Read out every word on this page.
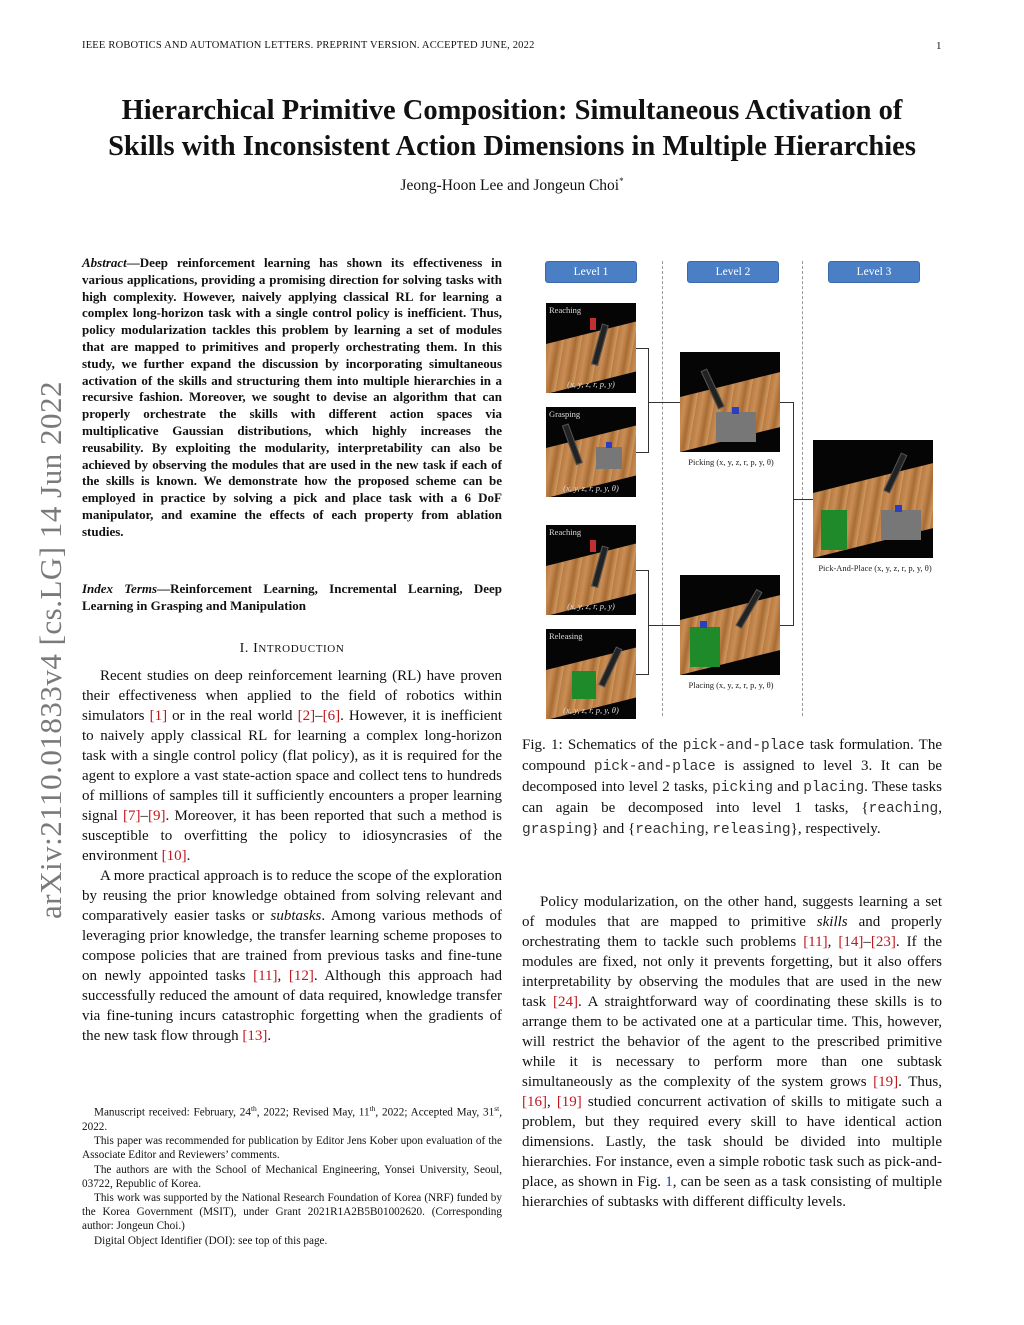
IEEE ROBOTICS AND AUTOMATION LETTERS. PREPRINT VERSION. ACCEPTED JUNE, 2022	1
arXiv:2110.01833v4 [cs.LG] 14 Jun 2022
Hierarchical Primitive Composition: Simultaneous Activation of
Skills with Inconsistent Action Dimensions in Multiple Hierarchies
Jeong-Hoon Lee and Jongeun Choi*
Abstract—Deep reinforcement learning has shown its effectiveness in various applications, providing a promising direction for solving tasks with high complexity. However, naively applying classical RL for learning a complex long-horizon task with a single control policy is inefficient. Thus, policy modularization tackles this problem by learning a set of modules that are mapped to primitives and properly orchestrating them. In this study, we further expand the discussion by incorporating simultaneous activation of the skills and structuring them into multiple hierarchies in a recursive fashion. Moreover, we sought to devise an algorithm that can properly orchestrate the skills with different action spaces via multiplicative Gaussian distributions, which highly increases the reusability. By exploiting the modularity, interpretability can also be achieved by observing the modules that are used in the new task if each of the skills is known. We demonstrate how the proposed scheme can be employed in practice by solving a pick and place task with a 6 DoF manipulator, and examine the effects of each property from ablation studies.
Index Terms—Reinforcement Learning, Incremental Learning, Deep Learning in Grasping and Manipulation
I. INTRODUCTION

Recent studies on deep reinforcement learning (RL) have proven their effectiveness when applied to the field of robotics within simulators [1] or in the real world [2]–[6]. However, it is inefficient to naively apply classical RL for learning a complex long-horizon task with a single control policy (flat policy), as it is required for the agent to explore a vast state-action space and collect tens to hundreds of millions of samples till it sufficiently encounters a proper learning signal [7]–[9]. Moreover, it has been reported that such a method is susceptible to overfitting the policy to idiosyncrasies of the environment [10].

A more practical approach is to reduce the scope of the exploration by reusing the prior knowledge obtained from solving relevant and comparatively easier tasks or subtasks. Among various methods of leveraging prior knowledge, the transfer learning scheme proposes to compose policies that are trained from previous tasks and fine-tune on newly appointed tasks [11], [12]. Although this approach had successfully reduced the amount of data required, knowledge transfer via fine-tuning incurs catastrophic forgetting when the gradients of the new task flow through [13].

Manuscript received: February, 24th, 2022; Revised May, 11th, 2022; Accepted May, 31st, 2022.

This paper was recommended for publication by Editor Jens Kober upon evaluation of the Associate Editor and Reviewers’ comments.

The authors are with the School of Mechanical Engineering, Yonsei University, Seoul, 03722, Republic of Korea.

This work was supported by the National Research Foundation of Korea (NRF) funded by the Korea Government (MSIT), under Grant 2021R1A2B5B01002620. (Corresponding author: Jongeun Choi.)

Digital Object Identifier (DOI): see top of this page.

Level 1	Level 2	Level 3
Reaching
(x, y, z, r, p, y)
Grasping
(x, y, z, r, p, y, θ)
Reaching
(x, y, z, r, p, y)
Releasing
(x, y, z, r, p, y, θ)
Picking (x, y, z, r, p, y, θ)
Placing (x, y, z, r, p, y, θ)
Pick-And-Place (x, y, z, r, p, y, θ)
Fig. 1: Schematics of the pick-and-place task formulation. The compound pick-and-place is assigned to level 3. It can be decomposed into level 2 tasks, picking and placing. These tasks can again be decomposed into level 1 tasks, {reaching, grasping} and {reaching, releasing}, respectively.

Policy modularization, on the other hand, suggests learning a set of modules that are mapped to primitive skills and properly orchestrating them to tackle such problems [11], [14]–[23]. If the modules are fixed, not only it prevents forgetting, but it also offers interpretability by observing the modules that are used in the new task [24]. A straightforward way of coordinating these skills is to arrange them to be activated one at a particular time. This, however, will restrict the behavior of the agent to the prescribed primitive while it is necessary to perform more than one subtask simultaneously as the complexity of the system grows [19]. Thus, [16], [19] studied concurrent activation of skills to mitigate such a problem, but they required every skill to have identical action dimensions. Lastly, the task should be divided into multiple hierarchies. For instance, even a simple robotic task such as pick-and-place, as shown in Fig. 1, can be seen as a task consisting of multiple hierarchies of subtasks with different difficulty levels.
